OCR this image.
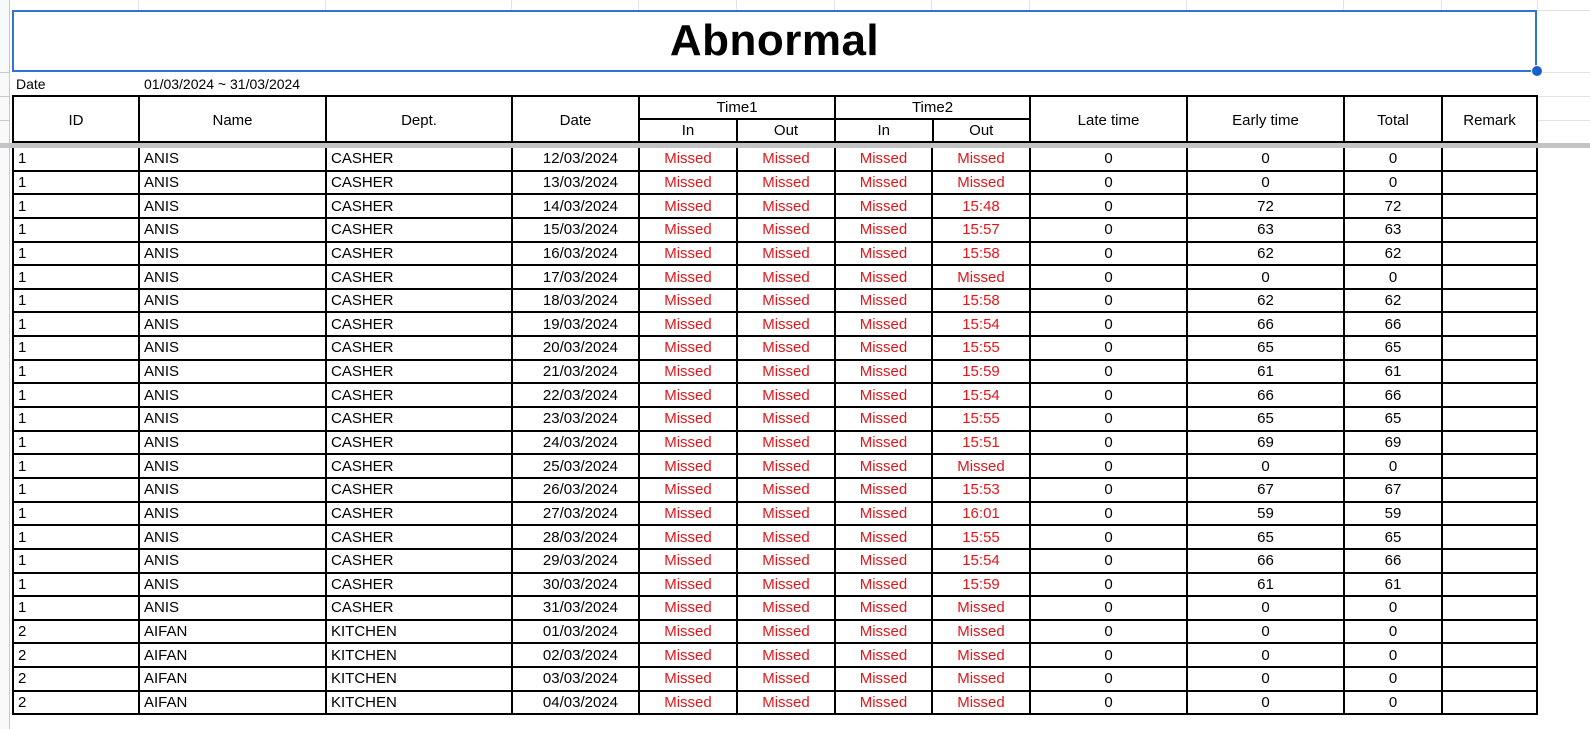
Abnormal
Date	01/03/2024 ~ 31/03/2024
ID	Name	Dept.	Date
Time1
In	Out
Time2
In	Out
Late time	Early time	Total	Remark
1	ANIS	CASHER	12/03/2024	Missed	Missed	Missed	Missed	0	0	0
1	ANIS	CASHER	13/03/2024	Missed	Missed	Missed	Missed	0	0	0
1	ANIS	CASHER	14/03/2024	Missed	Missed	Missed	15:48	0	72	72
1	ANIS	CASHER	15/03/2024	Missed	Missed	Missed	15:57	0	63	63
1	ANIS	CASHER	16/03/2024	Missed	Missed	Missed	15:58	0	62	62
1	ANIS	CASHER	17/03/2024	Missed	Missed	Missed	Missed	0	0	0
1	ANIS	CASHER	18/03/2024	Missed	Missed	Missed	15:58	0	62	62
1	ANIS	CASHER	19/03/2024	Missed	Missed	Missed	15:54	0	66	66
1	ANIS	CASHER	20/03/2024	Missed	Missed	Missed	15:55	0	65	65
1	ANIS	CASHER	21/03/2024	Missed	Missed	Missed	15:59	0	61	61
1	ANIS	CASHER	22/03/2024	Missed	Missed	Missed	15:54	0	66	66
1	ANIS	CASHER	23/03/2024	Missed	Missed	Missed	15:55	0	65	65
1	ANIS	CASHER	24/03/2024	Missed	Missed	Missed	15:51	0	69	69
1	ANIS	CASHER	25/03/2024	Missed	Missed	Missed	Missed	0	0	0
1	ANIS	CASHER	26/03/2024	Missed	Missed	Missed	15:53	0	67	67
1	ANIS	CASHER	27/03/2024	Missed	Missed	Missed	16:01	0	59	59
1	ANIS	CASHER	28/03/2024	Missed	Missed	Missed	15:55	0	65	65
1	ANIS	CASHER	29/03/2024	Missed	Missed	Missed	15:54	0	66	66
1	ANIS	CASHER	30/03/2024	Missed	Missed	Missed	15:59	0	61	61
1	ANIS	CASHER	31/03/2024	Missed	Missed	Missed	Missed	0	0	0
2	AIFAN	KITCHEN	01/03/2024	Missed	Missed	Missed	Missed	0	0	0
2	AIFAN	KITCHEN	02/03/2024	Missed	Missed	Missed	Missed	0	0	0
2	AIFAN	KITCHEN	03/03/2024	Missed	Missed	Missed	Missed	0	0	0
2	AIFAN	KITCHEN	04/03/2024	Missed	Missed	Missed	Missed	0	0	0
